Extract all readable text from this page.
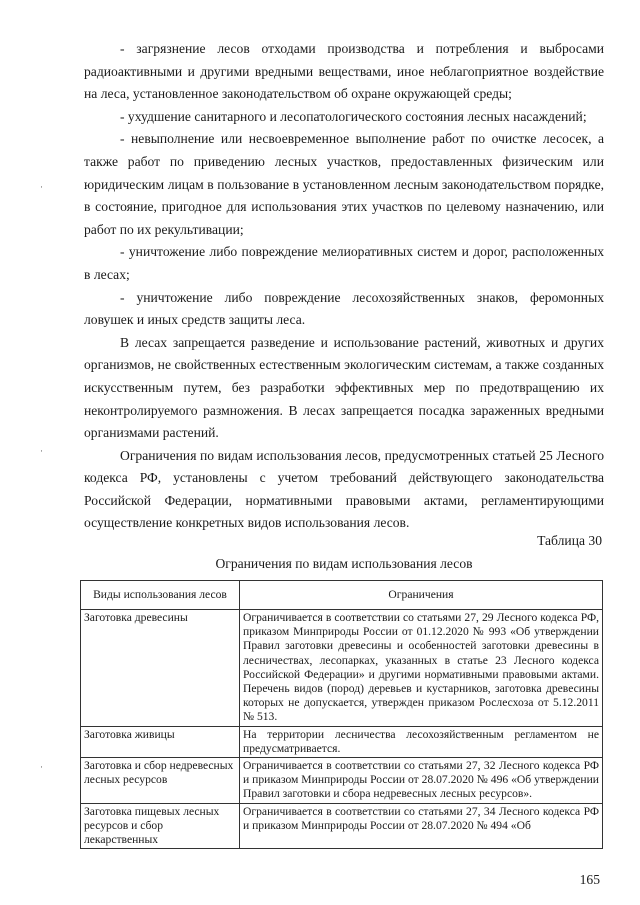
- загрязнение лесов отходами производства и потребления и выбросами радиоактивными и другими вредными веществами, иное неблагоприятное воздействие на леса, установленное законодательством об охране окружающей среды;

- ухудшение санитарного и лесопатологического состояния лесных насаждений;

- невыполнение или несвоевременное выполнение работ по очистке лесосек, а также работ по приведению лесных участков, предоставленных физическим или юридическим лицам в пользование в установленном лесным законодательством порядке, в состояние, пригодное для использования этих участков по целевому назначению, или работ по их рекультивации;

- уничтожение либо повреждение мелиоративных систем и дорог, расположенных в лесах;

- уничтожение либо повреждение лесохозяйственных знаков, феромонных ловушек и иных средств защиты леса.

В лесах запрещается разведение и использование растений, животных и других организмов, не свойственных естественным экологическим системам, а также созданных искусственным путем, без разработки эффективных мер по предотвращению их неконтролируемого размножения. В лесах запрещается посадка зараженных вредными организмами растений.

Ограничения по видам использования лесов, предусмотренных статьей 25 Лесного кодекса РФ, установлены с учетом требований действующего законодательства Российской Федерации, нормативными правовыми актами, регламентирующими осуществление конкретных видов использования лесов.

Таблица 30
Ограничения по видам использования лесов
Виды использования лесов	Ограничения
Заготовка древесины	Ограничивается в соответствии со статьями 27, 29 Лесного кодекса РФ, приказом Минприроды России от 01.12.2020 № 993 «Об утверждении Правил заготовки древесины и особенностей заготовки древесины в лесничествах, лесопарках, указанных в статье 23 Лесного кодекса Российской Федерации» и другими нормативными правовыми актами. Перечень видов (пород) деревьев и кустарников, заготовка древесины которых не допускается, утвержден приказом Рослесхоза от 5.12.2011 № 513.
Заготовка живицы	На территории лесничества лесохозяйственным регламентом не предусматривается.
Заготовка и сбор недревесных лесных ресурсов	Ограничивается в соответствии со статьями 27, 32 Лесного кодекса РФ и приказом Минприроды России от 28.07.2020 № 496 «Об утверждении Правил заготовки и сбора недревесных лесных ресурсов».
Заготовка пищевых лесных ресурсов и сбор лекарственных	Ограничивается в соответствии со статьями 27, 34 Лесного кодекса РФ и приказом Минприроды России от 28.07.2020 № 494 «Об
165
·
·
·
